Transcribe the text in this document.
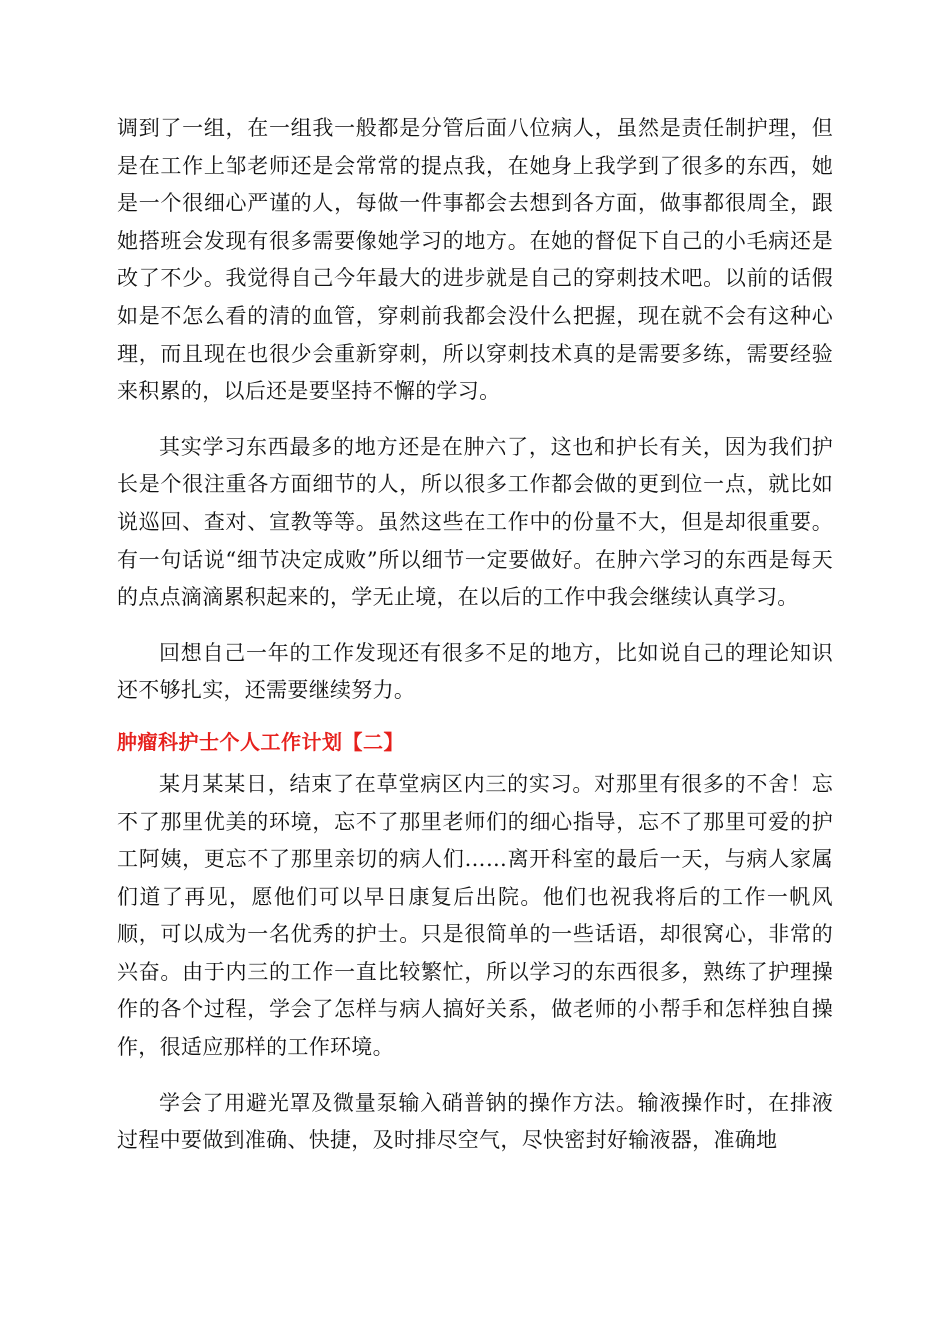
调到了一组，在一组我一般都是分管后面八位病人，虽然是责任制护理，但是在工作上邹老师还是会常常的提点我，在她身上我学到了很多的东西，她是一个很细心严谨的人，每做一件事都会去想到各方面，做事都很周全，跟她搭班会发现有很多需要像她学习的地方。在她的督促下自己的小毛病还是改了不少。我觉得自己今年最大的进步就是自己的穿刺技术吧。以前的话假如是不怎么看的清的血管，穿刺前我都会没什么把握，现在就不会有这种心理，而且现在也很少会重新穿刺，所以穿刺技术真的是需要多练，需要经验来积累的，以后还是要坚持不懈的学习。

其实学习东西最多的地方还是在肿六了，这也和护长有关，因为我们护长是个很注重各方面细节的人，所以很多工作都会做的更到位一点，就比如说巡回、查对、宣教等等。虽然这些在工作中的份量不大，但是却很重要。有一句话说“细节决定成败”所以细节一定要做好。在肿六学习的东西是每天的点点滴滴累积起来的，学无止境，在以后的工作中我会继续认真学习。

回想自己一年的工作发现还有很多不足的地方，比如说自己的理论知识还不够扎实，还需要继续努力。

肿瘤科护士个人工作计划【二】

某月某某日，结束了在草堂病区内三的实习。对那里有很多的不舍！忘不了那里优美的环境，忘不了那里老师们的细心指导，忘不了那里可爱的护工阿姨，更忘不了那里亲切的病人们……离开科室的最后一天，与病人家属们道了再见，愿他们可以早日康复后出院。他们也祝我将后的工作一帆风顺，可以成为一名优秀的护士。只是很简单的一些话语，却很窝心，非常的兴奋。由于内三的工作一直比较繁忙，所以学习的东西很多，熟练了护理操作的各个过程，学会了怎样与病人搞好关系，做老师的小帮手和怎样独自操作，很适应那样的工作环境。

学会了用避光罩及微量泵输入硝普钠的操作方法。输液操作时，在排液过程中要做到准确、快捷，及时排尽空气，尽快密封好输液器，准确地
